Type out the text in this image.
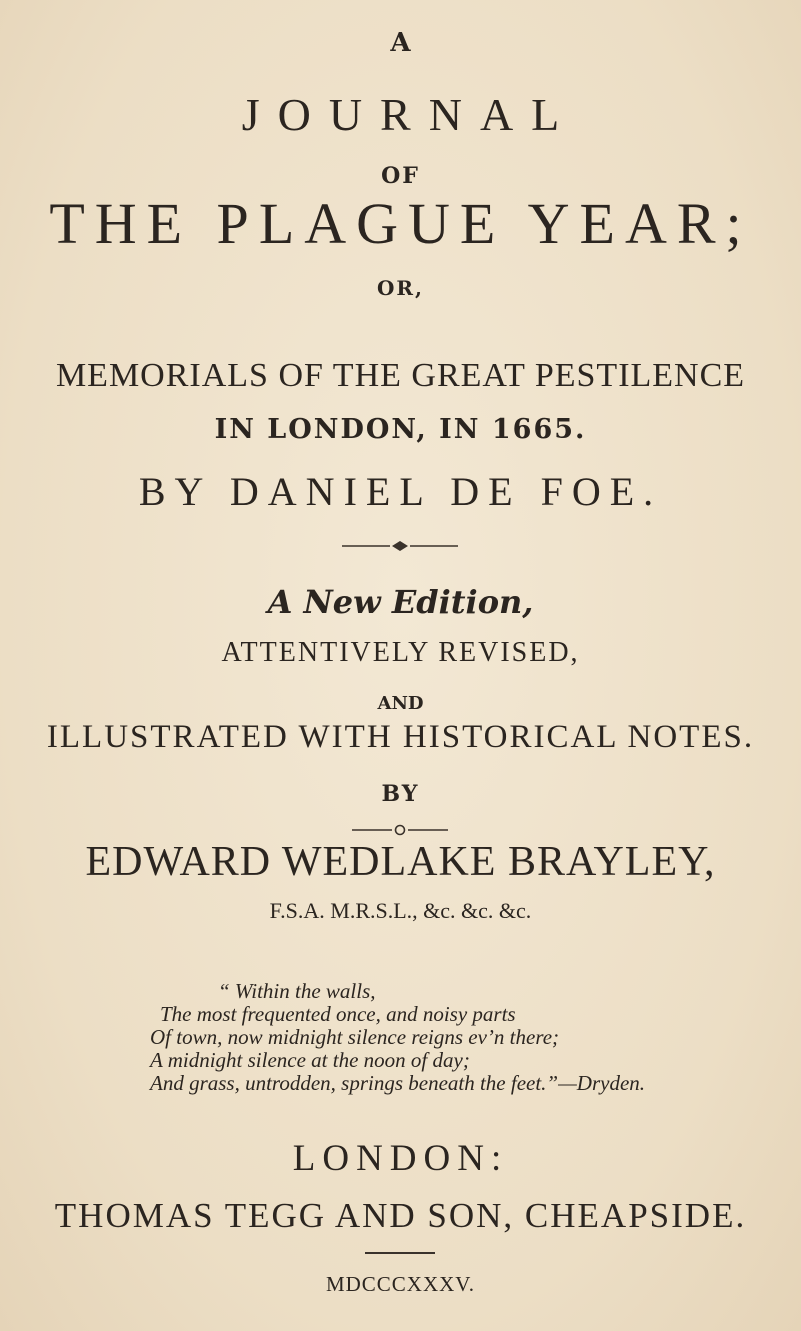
A
JOURNAL
OF
THE PLAGUE YEAR;
OR,
MEMORIALS OF THE GREAT PESTILENCE
IN LONDON, IN 1665.
BY DANIEL DE FOE.
A New Edition,
ATTENTIVELY REVISED,
AND
ILLUSTRATED WITH HISTORICAL NOTES.
BY
EDWARD WEDLAKE BRAYLEY,
F.S.A. M.R.S.L., &c. &c. &c.
“ Within the walls,
The most frequented once, and noisy parts
Of town, now midnight silence reigns ev’n there;
A midnight silence at the noon of day;
And grass, untrodden, springs beneath the feet.”—Dryden.
LONDON:
THOMAS TEGG AND SON, CHEAPSIDE.
MDCCCXXXV.
